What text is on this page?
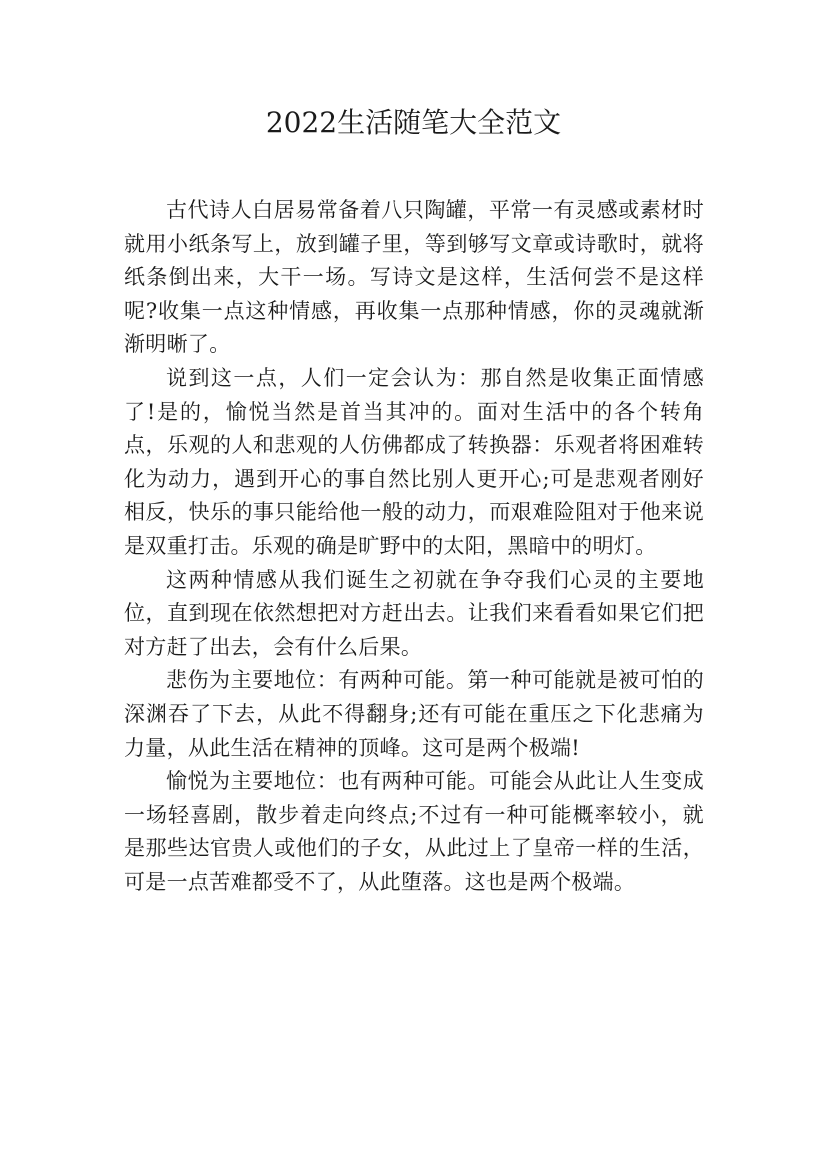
2022生活随笔大全范文

古代诗人白居易常备着八只陶罐，平常一有灵感或素材时就用小纸条写上，放到罐子里，等到够写文章或诗歌时，就将纸条倒出来，大干一场。写诗文是这样，生活何尝不是这样呢?收集一点这种情感，再收集一点那种情感，你的灵魂就渐渐明晰了。

说到这一点，人们一定会认为：那自然是收集正面情感了!是的，愉悦当然是首当其冲的。面对生活中的各个转角点，乐观的人和悲观的人仿佛都成了转换器：乐观者将困难转化为动力，遇到开心的事自然比别人更开心;可是悲观者刚好相反，快乐的事只能给他一般的动力，而艰难险阻对于他来说是双重打击。乐观的确是旷野中的太阳，黑暗中的明灯。

这两种情感从我们诞生之初就在争夺我们心灵的主要地位，直到现在依然想把对方赶出去。让我们来看看如果它们把对方赶了出去，会有什么后果。

悲伤为主要地位：有两种可能。第一种可能就是被可怕的深渊吞了下去，从此不得翻身;还有可能在重压之下化悲痛为力量，从此生活在精神的顶峰。这可是两个极端!

愉悦为主要地位：也有两种可能。可能会从此让人生变成一场轻喜剧，散步着走向终点;不过有一种可能概率较小，就是那些达官贵人或他们的子女，从此过上了皇帝一样的生活，可是一点苦难都受不了，从此堕落。这也是两个极端。
